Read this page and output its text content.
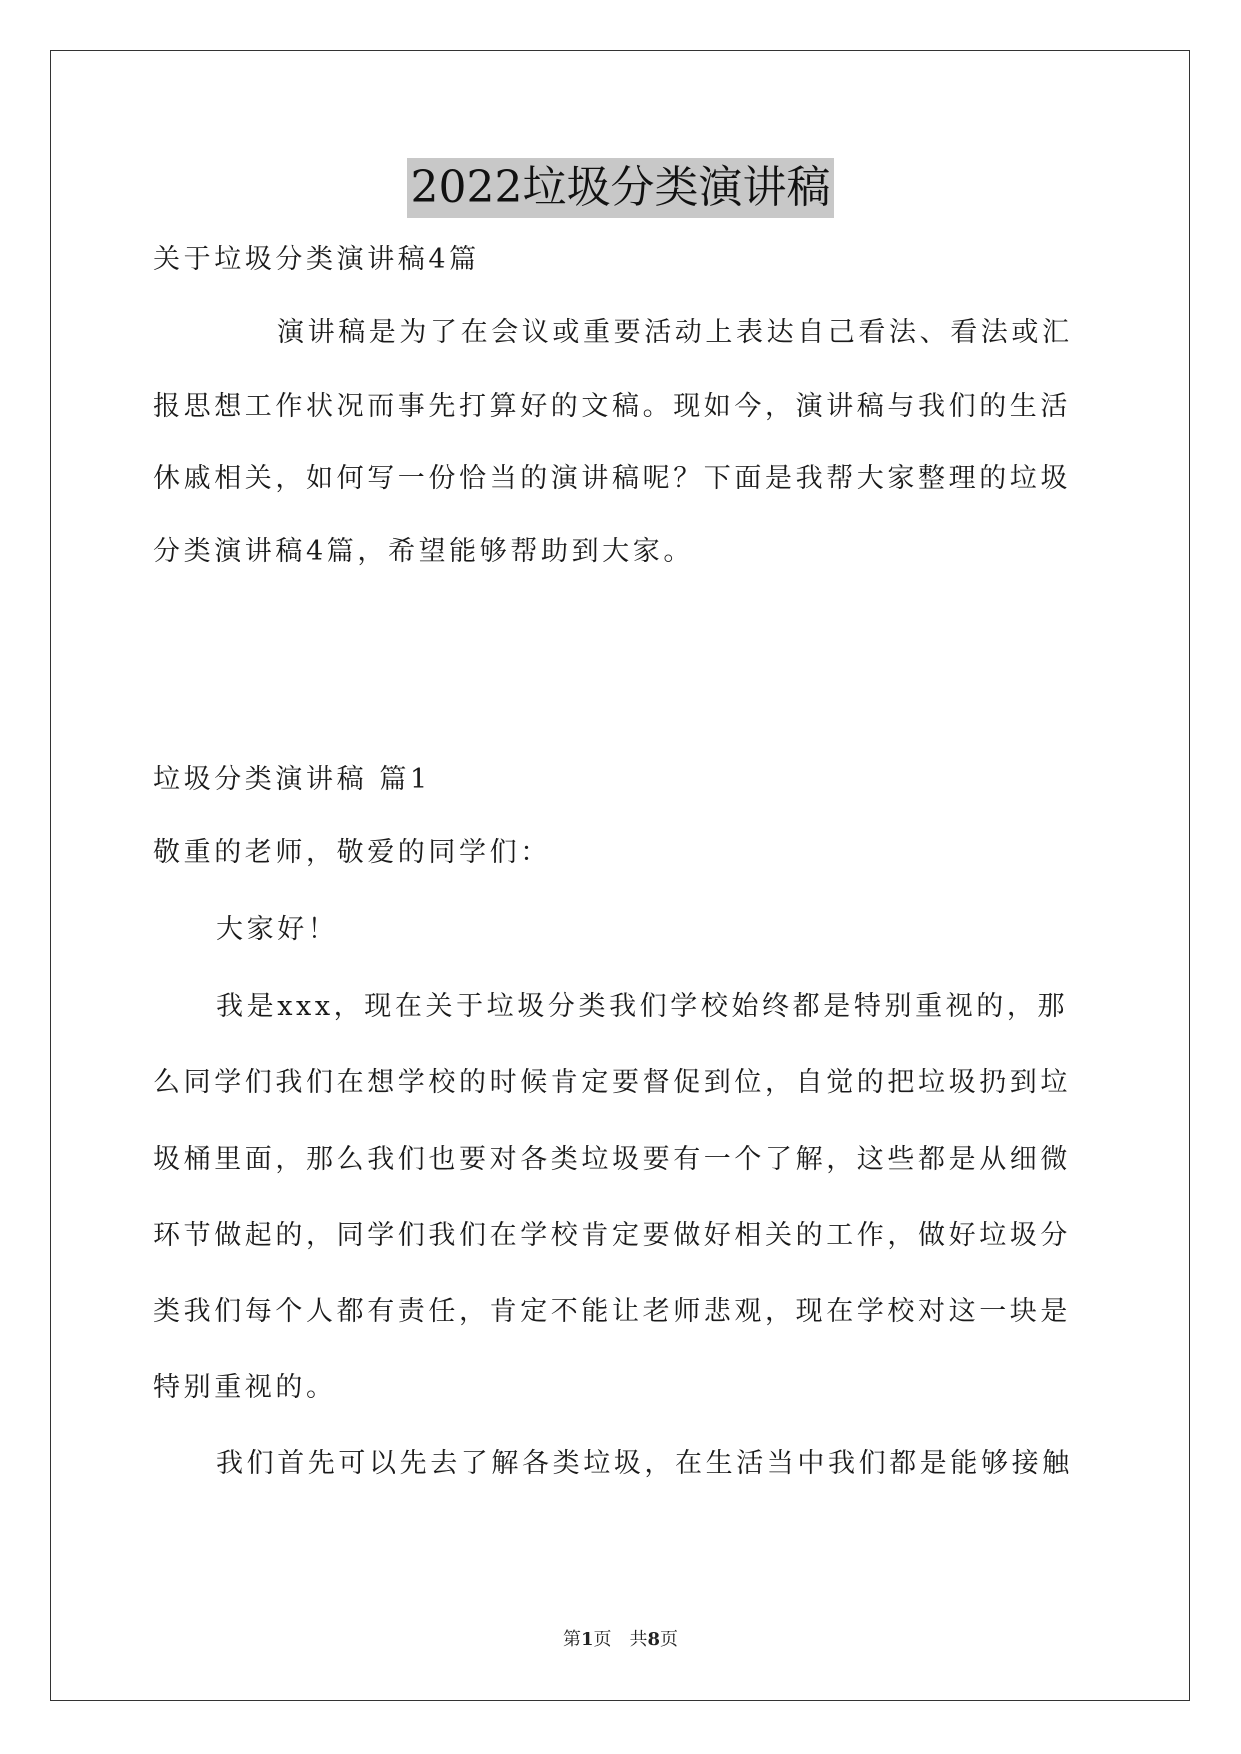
2022垃圾分类演讲稿
关于垃圾分类演讲稿4篇
演讲稿是为了在会议或重要活动上表达自己看法、看法或汇
报思想工作状况而事先打算好的文稿。现如今，演讲稿与我们的生活
休戚相关，如何写一份恰当的演讲稿呢？下面是我帮大家整理的垃圾
分类演讲稿4篇，希望能够帮助到大家。
垃圾分类演讲稿 篇1
敬重的老师，敬爱的同学们：
大家好！
我是xxx，现在关于垃圾分类我们学校始终都是特别重视的，那
么同学们我们在想学校的时候肯定要督促到位，自觉的把垃圾扔到垃
圾桶里面，那么我们也要对各类垃圾要有一个了解，这些都是从细微
环节做起的，同学们我们在学校肯定要做好相关的工作，做好垃圾分
类我们每个人都有责任，肯定不能让老师悲观，现在学校对这一块是
特别重视的。
我们首先可以先去了解各类垃圾，在生活当中我们都是能够接触
第1页　共8页
